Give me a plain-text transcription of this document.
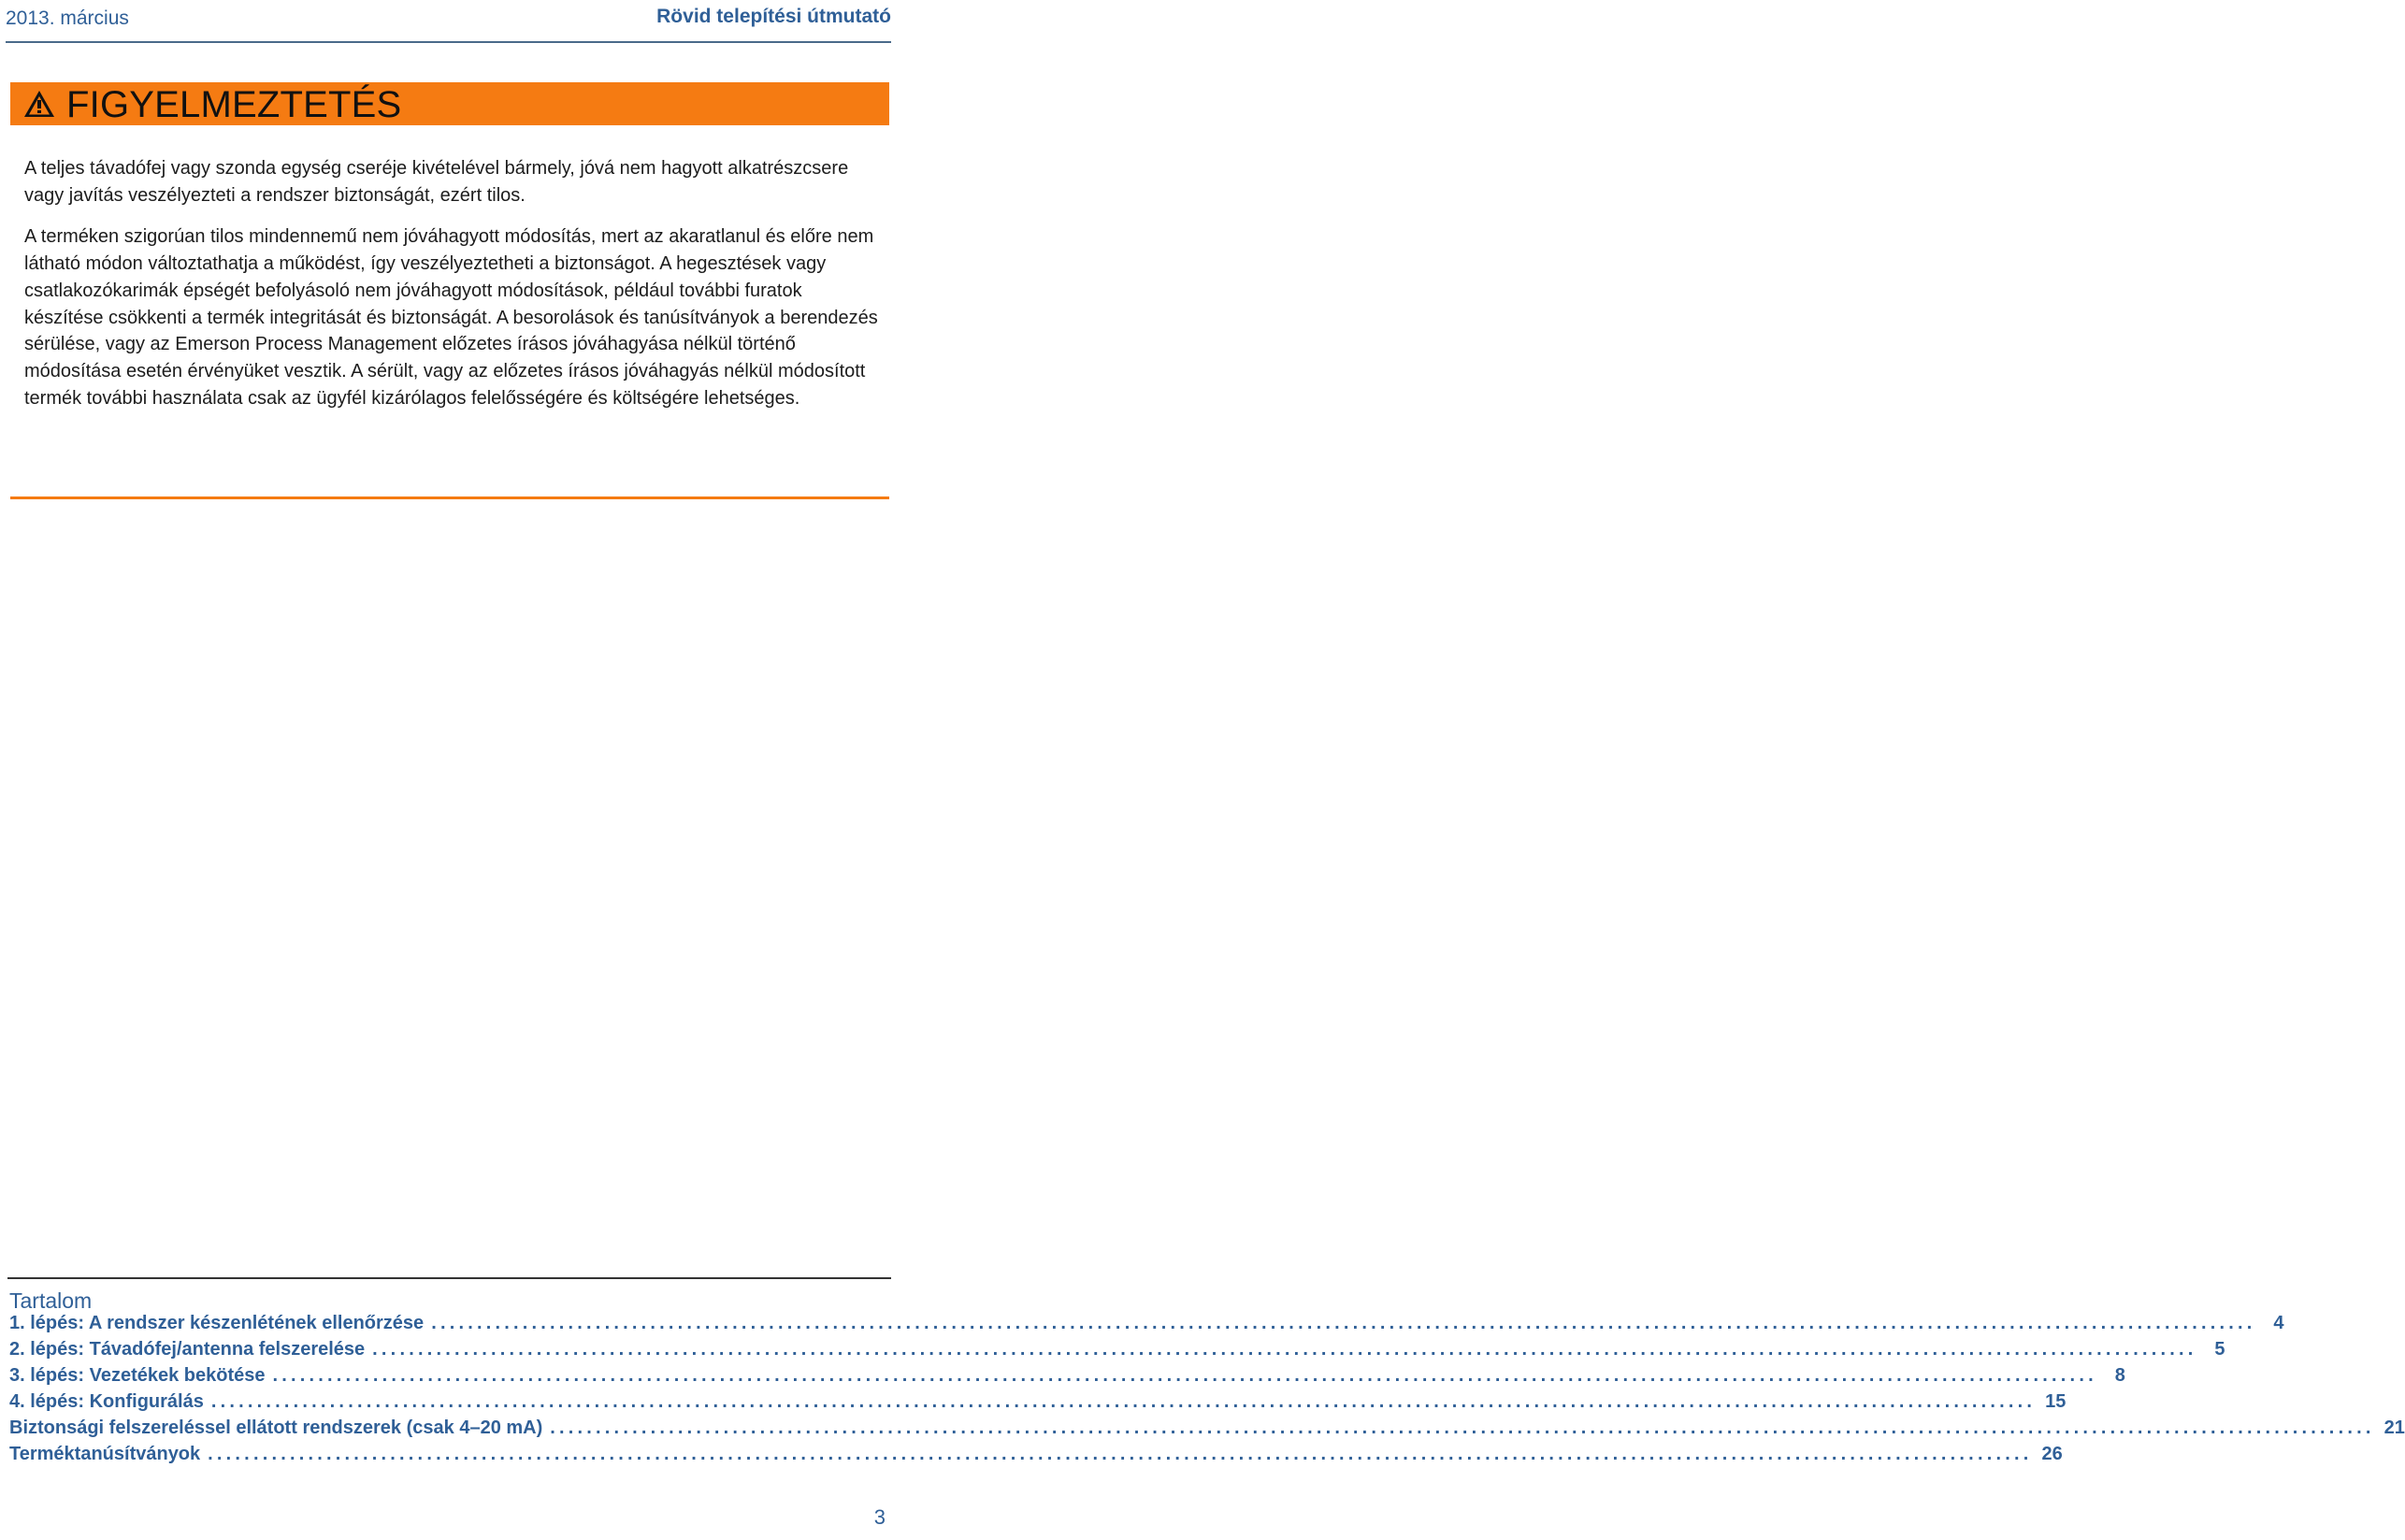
2013. március	Rövid telepítési útmutató
FIGYELMEZTETÉS

A teljes távadófej vagy szonda egység cseréje kivételével bármely, jóvá nem hagyott alkatrészcsere vagy javítás veszélyezteti a rendszer biztonságát, ezért tilos.

A terméken szigorúan tilos mindennemű nem jóváhagyott módosítás, mert az akaratlanul és előre nem látható módon változtathatja a működést, így veszélyeztetheti a biztonságot. A hegesztések vagy csatlakozókarimák épségét befolyásoló nem jóváhagyott módosítások, például további furatok készítése csökkenti a termék integritását és biztonságát. A besorolások és tanúsítványok a berendezés sérülése, vagy az Emerson Process Management előzetes írásos jóváhagyása nélkül történő módosítása esetén érvényüket vesztik. A sérült, vagy az előzetes írásos jóváhagyás nélkül módosított termék további használata csak az ügyfél kizárólagos felelősségére és költségére lehetséges.

Tartalom
1. lépés: A rendszer készenlétének ellenőrzése ........................................................................................................................................................................................................ 4
2. lépés: Távadófej/antenna felszerelése ........................................................................................................................................................................................................ 5
3. lépés: Vezetékek bekötése ........................................................................................................................................................................................................ 8
4. lépés: Konfigurálás ........................................................................................................................................................................................................ 15
Biztonsági felszereléssel ellátott rendszerek (csak 4–20 mA) ........................................................................................................................................................................................................ 21
Terméktanúsítványok ........................................................................................................................................................................................................ 26
3
